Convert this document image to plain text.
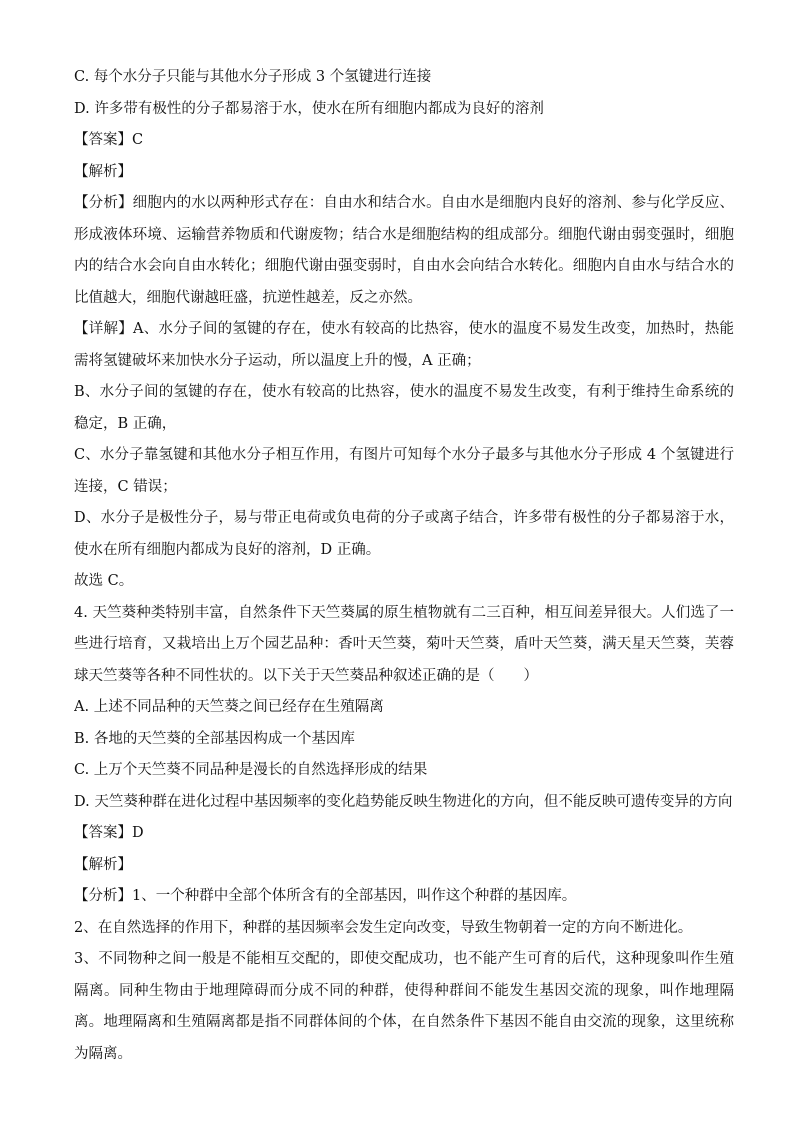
C. 每个水分子只能与其他水分子形成 3 个氢键进行连接
D. 许多带有极性的分子都易溶于水，使水在所有细胞内都成为良好的溶剂
【答案】C
【解析】
【分析】细胞内的水以两种形式存在：自由水和结合水。自由水是细胞内良好的溶剂、参与化学反应、形成液体环境、运输营养物质和代谢废物；结合水是细胞结构的组成部分。细胞代谢由弱变强时，细胞内的结合水会向自由水转化；细胞代谢由强变弱时，自由水会向结合水转化。细胞内自由水与结合水的比值越大，细胞代谢越旺盛，抗逆性越差，反之亦然。
【详解】A、水分子间的氢键的存在，使水有较高的比热容，使水的温度不易发生改变，加热时，热能需将氢键破坏来加快水分子运动，所以温度上升的慢，A 正确；
B、水分子间的氢键的存在，使水有较高的比热容，使水的温度不易发生改变，有利于维持生命系统的稳定，B 正确，
C、水分子靠氢键和其他水分子相互作用，有图片可知每个水分子最多与其他水分子形成 4 个氢键进行连接，C 错误；
D、水分子是极性分子，易与带正电荷或负电荷的分子或离子结合，许多带有极性的分子都易溶于水，使水在所有细胞内都成为良好的溶剂，D 正确。
故选 C。
4. 天竺葵种类特别丰富，自然条件下天竺葵属的原生植物就有二三百种，相互间差异很大。人们选了一些进行培育，又栽培出上万个园艺品种：香叶天竺葵，菊叶天竺葵，盾叶天竺葵，满天星天竺葵，芙蓉球天竺葵等各种不同性状的。以下关于天竺葵品种叙述正确的是（　　）
A. 上述不同品种的天竺葵之间已经存在生殖隔离
B. 各地的天竺葵的全部基因构成一个基因库
C. 上万个天竺葵不同品种是漫长的自然选择形成的结果
D. 天竺葵种群在进化过程中基因频率的变化趋势能反映生物进化的方向，但不能反映可遗传变异的方向
【答案】D
【解析】
【分析】1、一个种群中全部个体所含有的全部基因，叫作这个种群的基因库。
2、在自然选择的作用下，种群的基因频率会发生定向改变，导致生物朝着一定的方向不断进化。
3、不同物种之间一般是不能相互交配的，即使交配成功，也不能产生可育的后代，这种现象叫作生殖隔离。同种生物由于地理障碍而分成不同的种群，使得种群间不能发生基因交流的现象，叫作地理隔离。地理隔离和生殖隔离都是指不同群体间的个体，在自然条件下基因不能自由交流的现象，这里统称为隔离。
